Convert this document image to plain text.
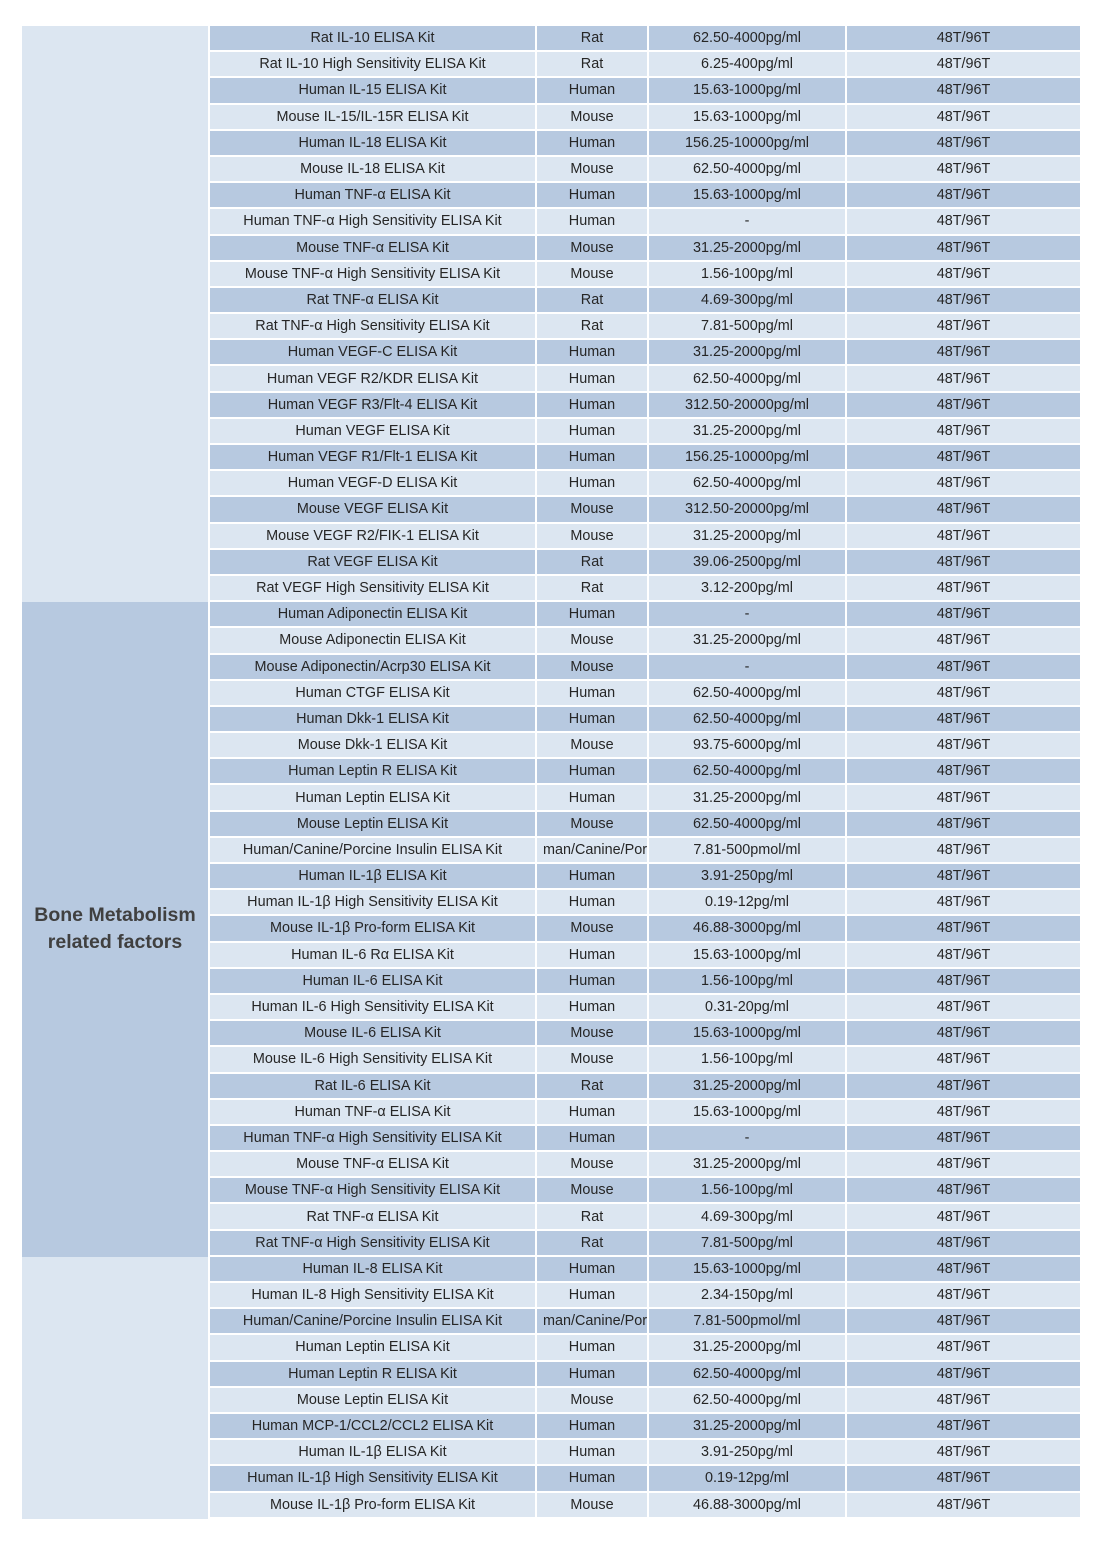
Rat IL-10 ELISA Kit	Rat	62.50-4000pg/ml	48T/96T
Rat IL-10 High Sensitivity ELISA Kit	Rat	6.25-400pg/ml	48T/96T
Human IL-15 ELISA Kit	Human	15.63-1000pg/ml	48T/96T
Mouse IL-15/IL-15R ELISA Kit	Mouse	15.63-1000pg/ml	48T/96T
Human IL-18 ELISA Kit	Human	156.25-10000pg/ml	48T/96T
Mouse IL-18 ELISA Kit	Mouse	62.50-4000pg/ml	48T/96T
Human TNF-α ELISA Kit	Human	15.63-1000pg/ml	48T/96T
Human TNF-α High Sensitivity ELISA Kit	Human	-	48T/96T
Mouse TNF-α ELISA Kit	Mouse	31.25-2000pg/ml	48T/96T
Mouse TNF-α High Sensitivity ELISA Kit	Mouse	1.56-100pg/ml	48T/96T
Rat TNF-α ELISA Kit	Rat	4.69-300pg/ml	48T/96T
Rat TNF-α High Sensitivity ELISA Kit	Rat	7.81-500pg/ml	48T/96T
Human VEGF-C ELISA Kit	Human	31.25-2000pg/ml	48T/96T
Human VEGF R2/KDR ELISA Kit	Human	62.50-4000pg/ml	48T/96T
Human VEGF R3/Flt-4 ELISA Kit	Human	312.50-20000pg/ml	48T/96T
Human VEGF ELISA Kit	Human	31.25-2000pg/ml	48T/96T
Human VEGF R1/Flt-1 ELISA Kit	Human	156.25-10000pg/ml	48T/96T
Human VEGF-D ELISA Kit	Human	62.50-4000pg/ml	48T/96T
Mouse VEGF ELISA Kit	Mouse	312.50-20000pg/ml	48T/96T
Mouse VEGF R2/FIK-1 ELISA Kit	Mouse	31.25-2000pg/ml	48T/96T
Rat VEGF ELISA Kit	Rat	39.06-2500pg/ml	48T/96T
Rat VEGF High Sensitivity ELISA Kit	Rat	3.12-200pg/ml	48T/96T
Bone Metabolism related factors
Human Adiponectin ELISA Kit	Human	-	48T/96T
Mouse Adiponectin ELISA Kit	Mouse	31.25-2000pg/ml	48T/96T
Mouse Adiponectin/Acrp30 ELISA Kit	Mouse	-	48T/96T
Human CTGF ELISA Kit	Human	62.50-4000pg/ml	48T/96T
Human Dkk-1 ELISA Kit	Human	62.50-4000pg/ml	48T/96T
Mouse Dkk-1 ELISA Kit	Mouse	93.75-6000pg/ml	48T/96T
Human Leptin R ELISA Kit	Human	62.50-4000pg/ml	48T/96T
Human Leptin ELISA Kit	Human	31.25-2000pg/ml	48T/96T
Mouse Leptin ELISA Kit	Mouse	62.50-4000pg/ml	48T/96T
Human/Canine/Porcine Insulin ELISA Kit	man/Canine/Por	7.81-500pmol/ml	48T/96T
Human IL-1β ELISA Kit	Human	3.91-250pg/ml	48T/96T
Human IL-1β High Sensitivity ELISA Kit	Human	0.19-12pg/ml	48T/96T
Mouse IL-1β Pro-form ELISA Kit	Mouse	46.88-3000pg/ml	48T/96T
Human IL-6 Rα ELISA Kit	Human	15.63-1000pg/ml	48T/96T
Human IL-6 ELISA Kit	Human	1.56-100pg/ml	48T/96T
Human IL-6 High Sensitivity ELISA Kit	Human	0.31-20pg/ml	48T/96T
Mouse IL-6 ELISA Kit	Mouse	15.63-1000pg/ml	48T/96T
Mouse IL-6 High Sensitivity ELISA Kit	Mouse	1.56-100pg/ml	48T/96T
Rat IL-6 ELISA Kit	Rat	31.25-2000pg/ml	48T/96T
Human TNF-α ELISA Kit	Human	15.63-1000pg/ml	48T/96T
Human TNF-α High Sensitivity ELISA Kit	Human	-	48T/96T
Mouse TNF-α ELISA Kit	Mouse	31.25-2000pg/ml	48T/96T
Mouse TNF-α High Sensitivity ELISA Kit	Mouse	1.56-100pg/ml	48T/96T
Rat TNF-α ELISA Kit	Rat	4.69-300pg/ml	48T/96T
Rat TNF-α High Sensitivity ELISA Kit	Rat	7.81-500pg/ml	48T/96T
Human IL-8 ELISA Kit	Human	15.63-1000pg/ml	48T/96T
Human IL-8 High Sensitivity ELISA Kit	Human	2.34-150pg/ml	48T/96T
Human/Canine/Porcine Insulin ELISA Kit	man/Canine/Por	7.81-500pmol/ml	48T/96T
Human Leptin ELISA Kit	Human	31.25-2000pg/ml	48T/96T
Human Leptin R ELISA Kit	Human	62.50-4000pg/ml	48T/96T
Mouse Leptin ELISA Kit	Mouse	62.50-4000pg/ml	48T/96T
Human MCP-1/CCL2/CCL2 ELISA Kit	Human	31.25-2000pg/ml	48T/96T
Human IL-1β ELISA Kit	Human	3.91-250pg/ml	48T/96T
Human IL-1β High Sensitivity ELISA Kit	Human	0.19-12pg/ml	48T/96T
Mouse IL-1β Pro-form ELISA Kit	Mouse	46.88-3000pg/ml	48T/96T
